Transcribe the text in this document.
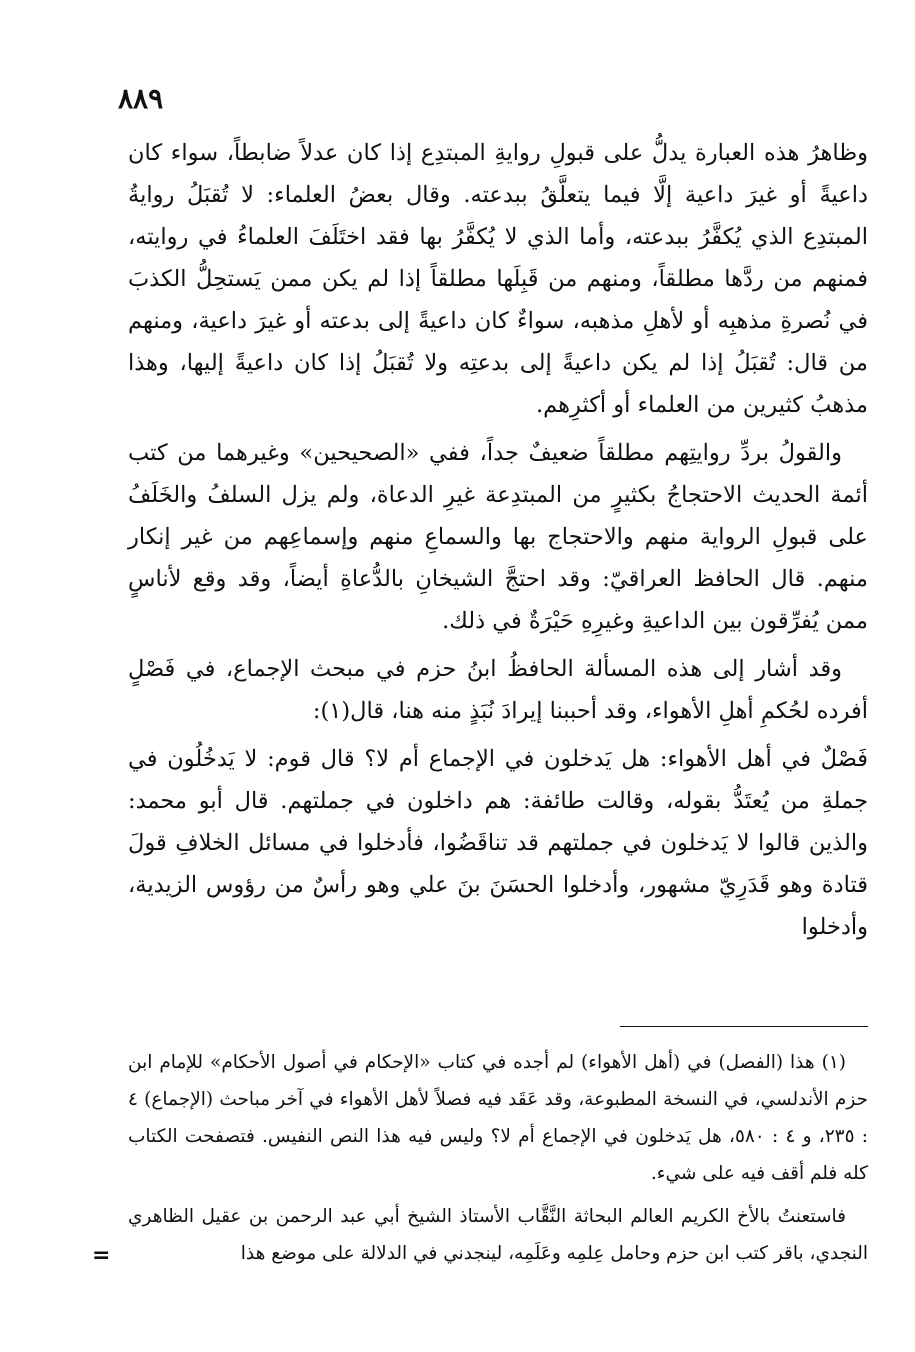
٨٨٩

وظاهرُ هذه العبارة يدلُّ على قبولِ روايةِ المبتدِع إذا كان عدلاً ضابطاً، سواء كان داعيةً أو غيرَ داعية إلَّا فيما يتعلَّقُ ببدعته. وقال بعضُ العلماء: لا تُقبَلُ روايةُ المبتدِع الذي يُكفَّرُ ببدعته، وأما الذي لا يُكفَّرُ بها فقد اختَلَفَ العلماءُ في روايته، فمنهم من ردَّها مطلقاً، ومنهم من قَبِلَها مطلقاً إذا لم يكن ممن يَستحِلُّ الكذبَ في نُصرةِ مذهبِه أو لأهلِ مذهبه، سواءٌ كان داعيةً إلى بدعته أو غيرَ داعية، ومنهم من قال: تُقبَلُ إذا لم يكن داعيةً إلى بدعتِه ولا تُقبَلُ إذا كان داعيةً إليها، وهذا مذهبُ كثيرين من العلماء أو أكثرِهم.

والقولُ بردِّ روايتِهم مطلقاً ضعيفٌ جداً، ففي «الصحيحين» وغيرهما من كتب أئمة الحديث الاحتجاجُ بكثيرٍ من المبتدِعة غيرِ الدعاة، ولم يزل السلفُ والخَلَفُ على قبولِ الرواية منهم والاحتجاج بها والسماعِ منهم وإسماعِهم من غير إنكار منهم. قال الحافظ العراقيّ: وقد احتجَّ الشيخانِ بالدُّعاةِ أيضاً، وقد وقع لأناسٍ ممن يُفرِّقون بين الداعيةِ وغيرِهِ حَيْرَةٌ في ذلك.

وقد أشار إلى هذه المسألة الحافظُ ابنُ حزم في مبحث الإجماع، في فَصْلٍ أفرده لحُكمِ أهلِ الأهواء، وقد أحببنا إيرادَ نُبَذٍ منه هنا، قال(١):

فَصْلٌ في أهل الأهواء: هل يَدخلون في الإجماع أم لا؟ قال قوم: لا يَدخُلُون في جملةِ من يُعتَدُّ بقوله، وقالت طائفة: هم داخلون في جملتهم. قال أبو محمد: والذين قالوا لا يَدخلون في جملتهم قد تناقَضُوا، فأدخلوا في مسائل الخلافِ قولَ قتادة وهو قَدَرِيّ مشهور، وأدخلوا الحسَنَ بنَ علي وهو رأسٌ من رؤوس الزيدية، وأدخلوا

(١) هذا (الفصل) في (أهل الأهواء) لم أجده في كتاب «الإحكام في أصول الأحكام» للإمام ابن حزم الأندلسي، في النسخة المطبوعة، وقد عَقَد فيه فصلاً لأهل الأهواء في آخر مباحث (الإجماع) ٤ : ٢٣٥، و ٤ : ٥٨٠، هل يَدخلون في الإجماع أم لا؟ وليس فيه هذا النص النفيس. فتصفحت الكتاب كله فلم أقف فيه على شيء.

فاستعنتُ بالأخ الكريم العالم البحاثة النَّقَّاب الأستاذ الشيخ أبي عبد الرحمن بن عقيل الظاهري النجدي، باقر كتب ابن حزم وحامل عِلمِه وعَلَمِه، لينجدني في الدلالة على موضع هذا

=
